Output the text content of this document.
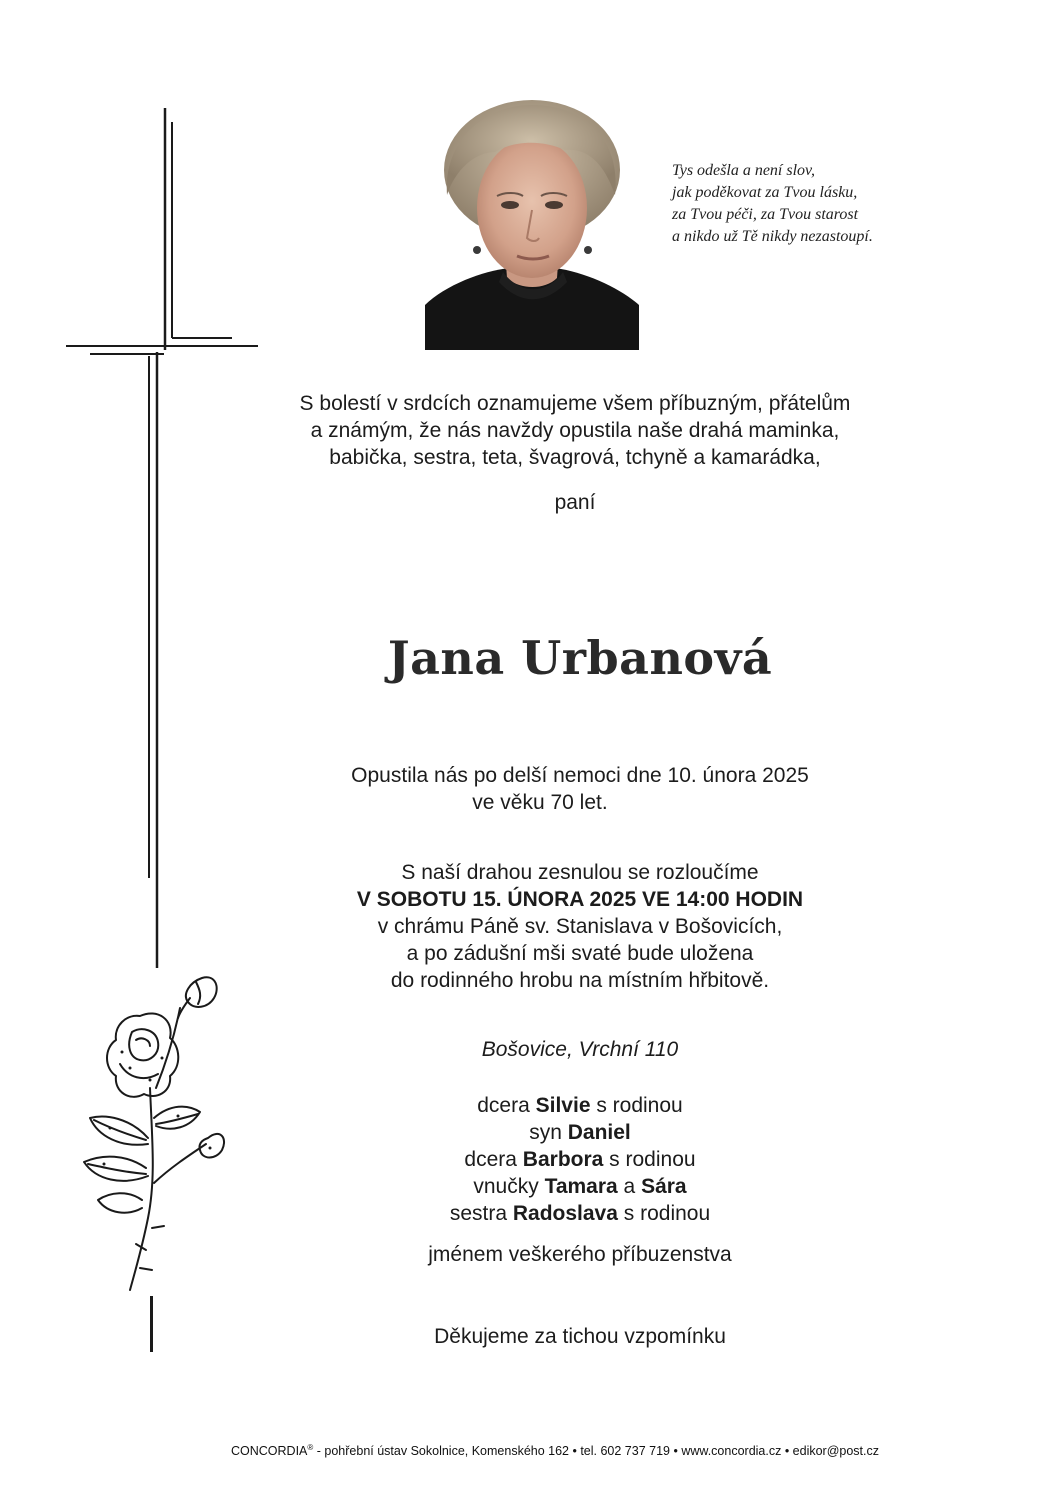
Tys odešla a není slov,
jak poděkovat za Tvou lásku,
za Tvou péči, za Tvou starost
a nikdo už Tě nikdy nezastoupí.
S bolestí v srdcích oznamujeme všem příbuzným, přátelům
a známým, že nás navždy opustila naše drahá maminka,
babička, sestra, teta, švagrová, tchyně a kamarádka,
paní
Jana Urbanová
Opustila nás po delší nemoci dne 10. února 2025
ve věku 70 let.
S naší drahou zesnulou se rozloučíme
V SOBOTU 15. ÚNORA 2025 VE 14:00 HODIN
v chrámu Páně sv. Stanislava v Bošovicích,
a po zádušní mši svaté bude uložena
do rodinného hrobu na místním hřbitově.
Bošovice, Vrchní 110
dcera Silvie s rodinou
syn Daniel
dcera Barbora s rodinou
vnučky Tamara a Sára
sestra Radoslava s rodinou
jménem veškerého příbuzenstva
Děkujeme za tichou vzpomínku
CONCORDIA® - pohřební ústav Sokolnice, Komenského 162 • tel. 602 737 719 • www.concordia.cz • edikor@post.cz
